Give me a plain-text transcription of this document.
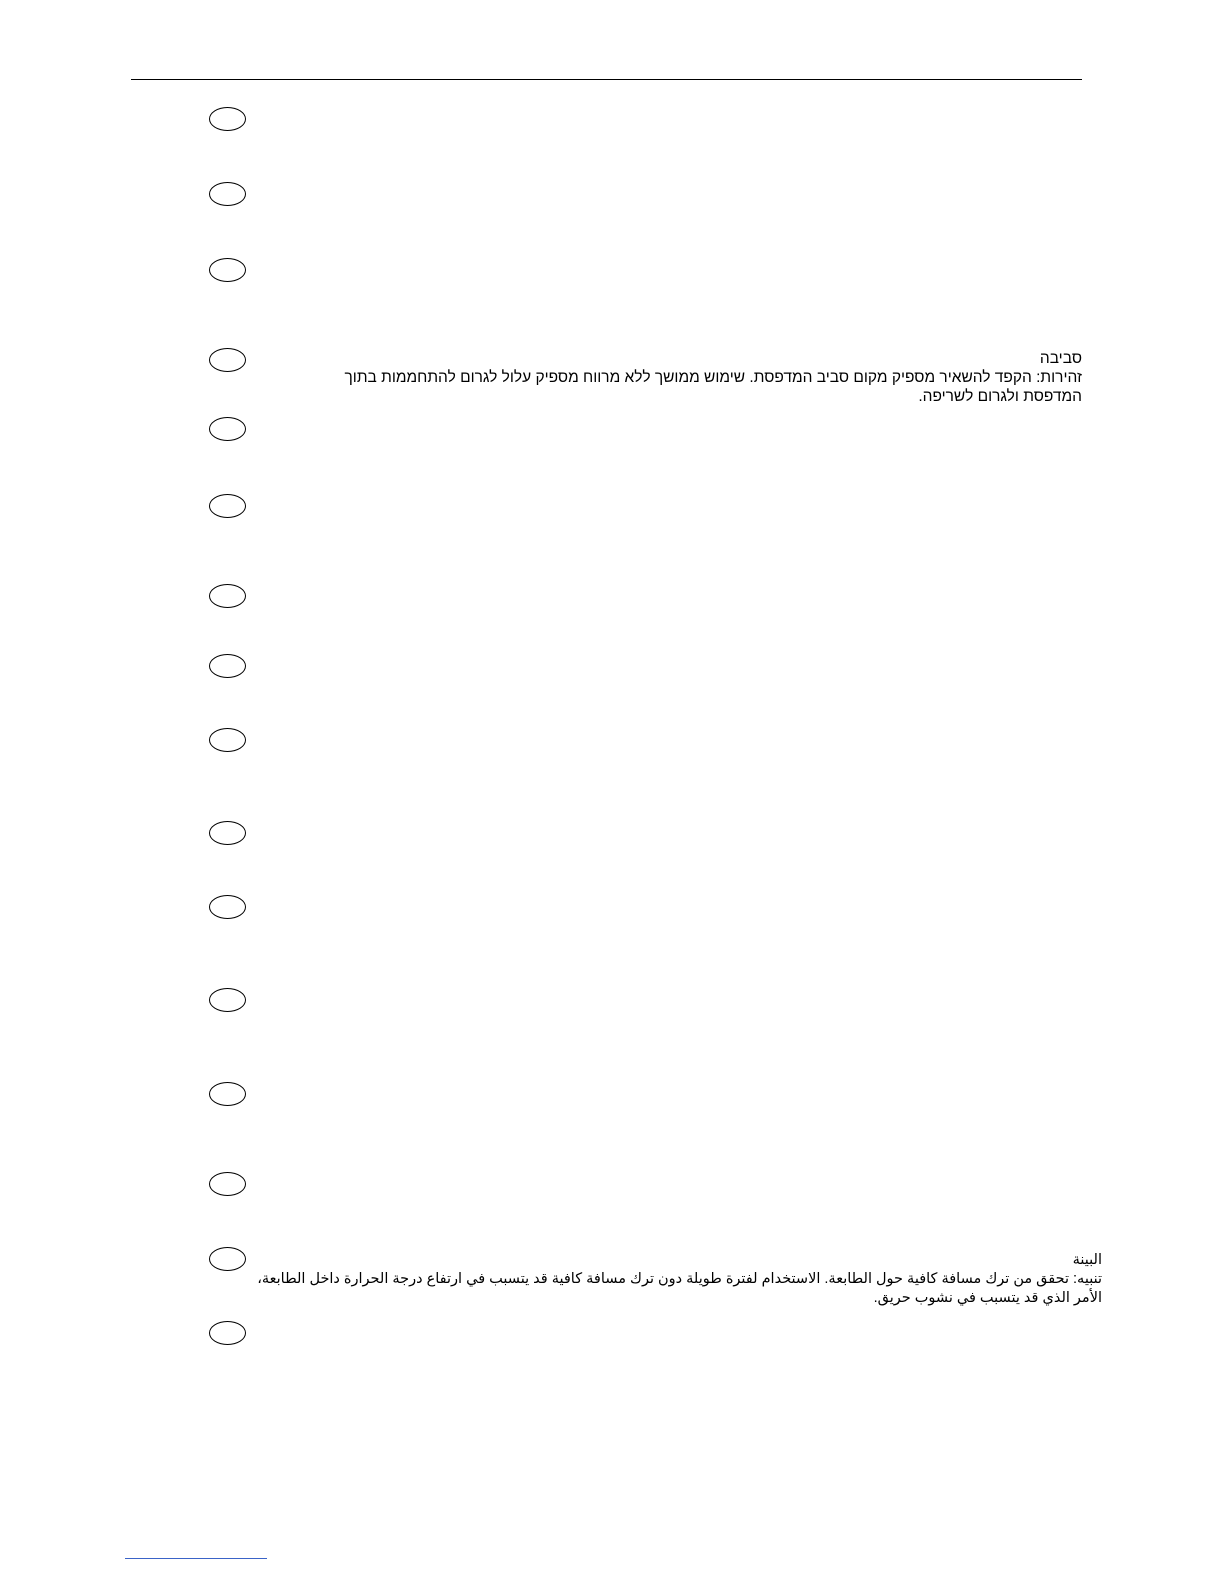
סביבה
זהירות: הקפד להשאיר מספיק מקום סביב המדפסת. שימוש ממושך ללא מרווח מספיק עלול לגרום להתחממות בתוך המדפסת ולגרום לשריפה.
البينة
تنبيه: تحقق من ترك مسافة كافية حول الطابعة. الاستخدام لفترة طويلة دون ترك مسافة كافية قد يتسبب في ارتفاع درجة الحرارة داخل الطابعة، الأمر الذي قد يتسبب في نشوب حريق.
